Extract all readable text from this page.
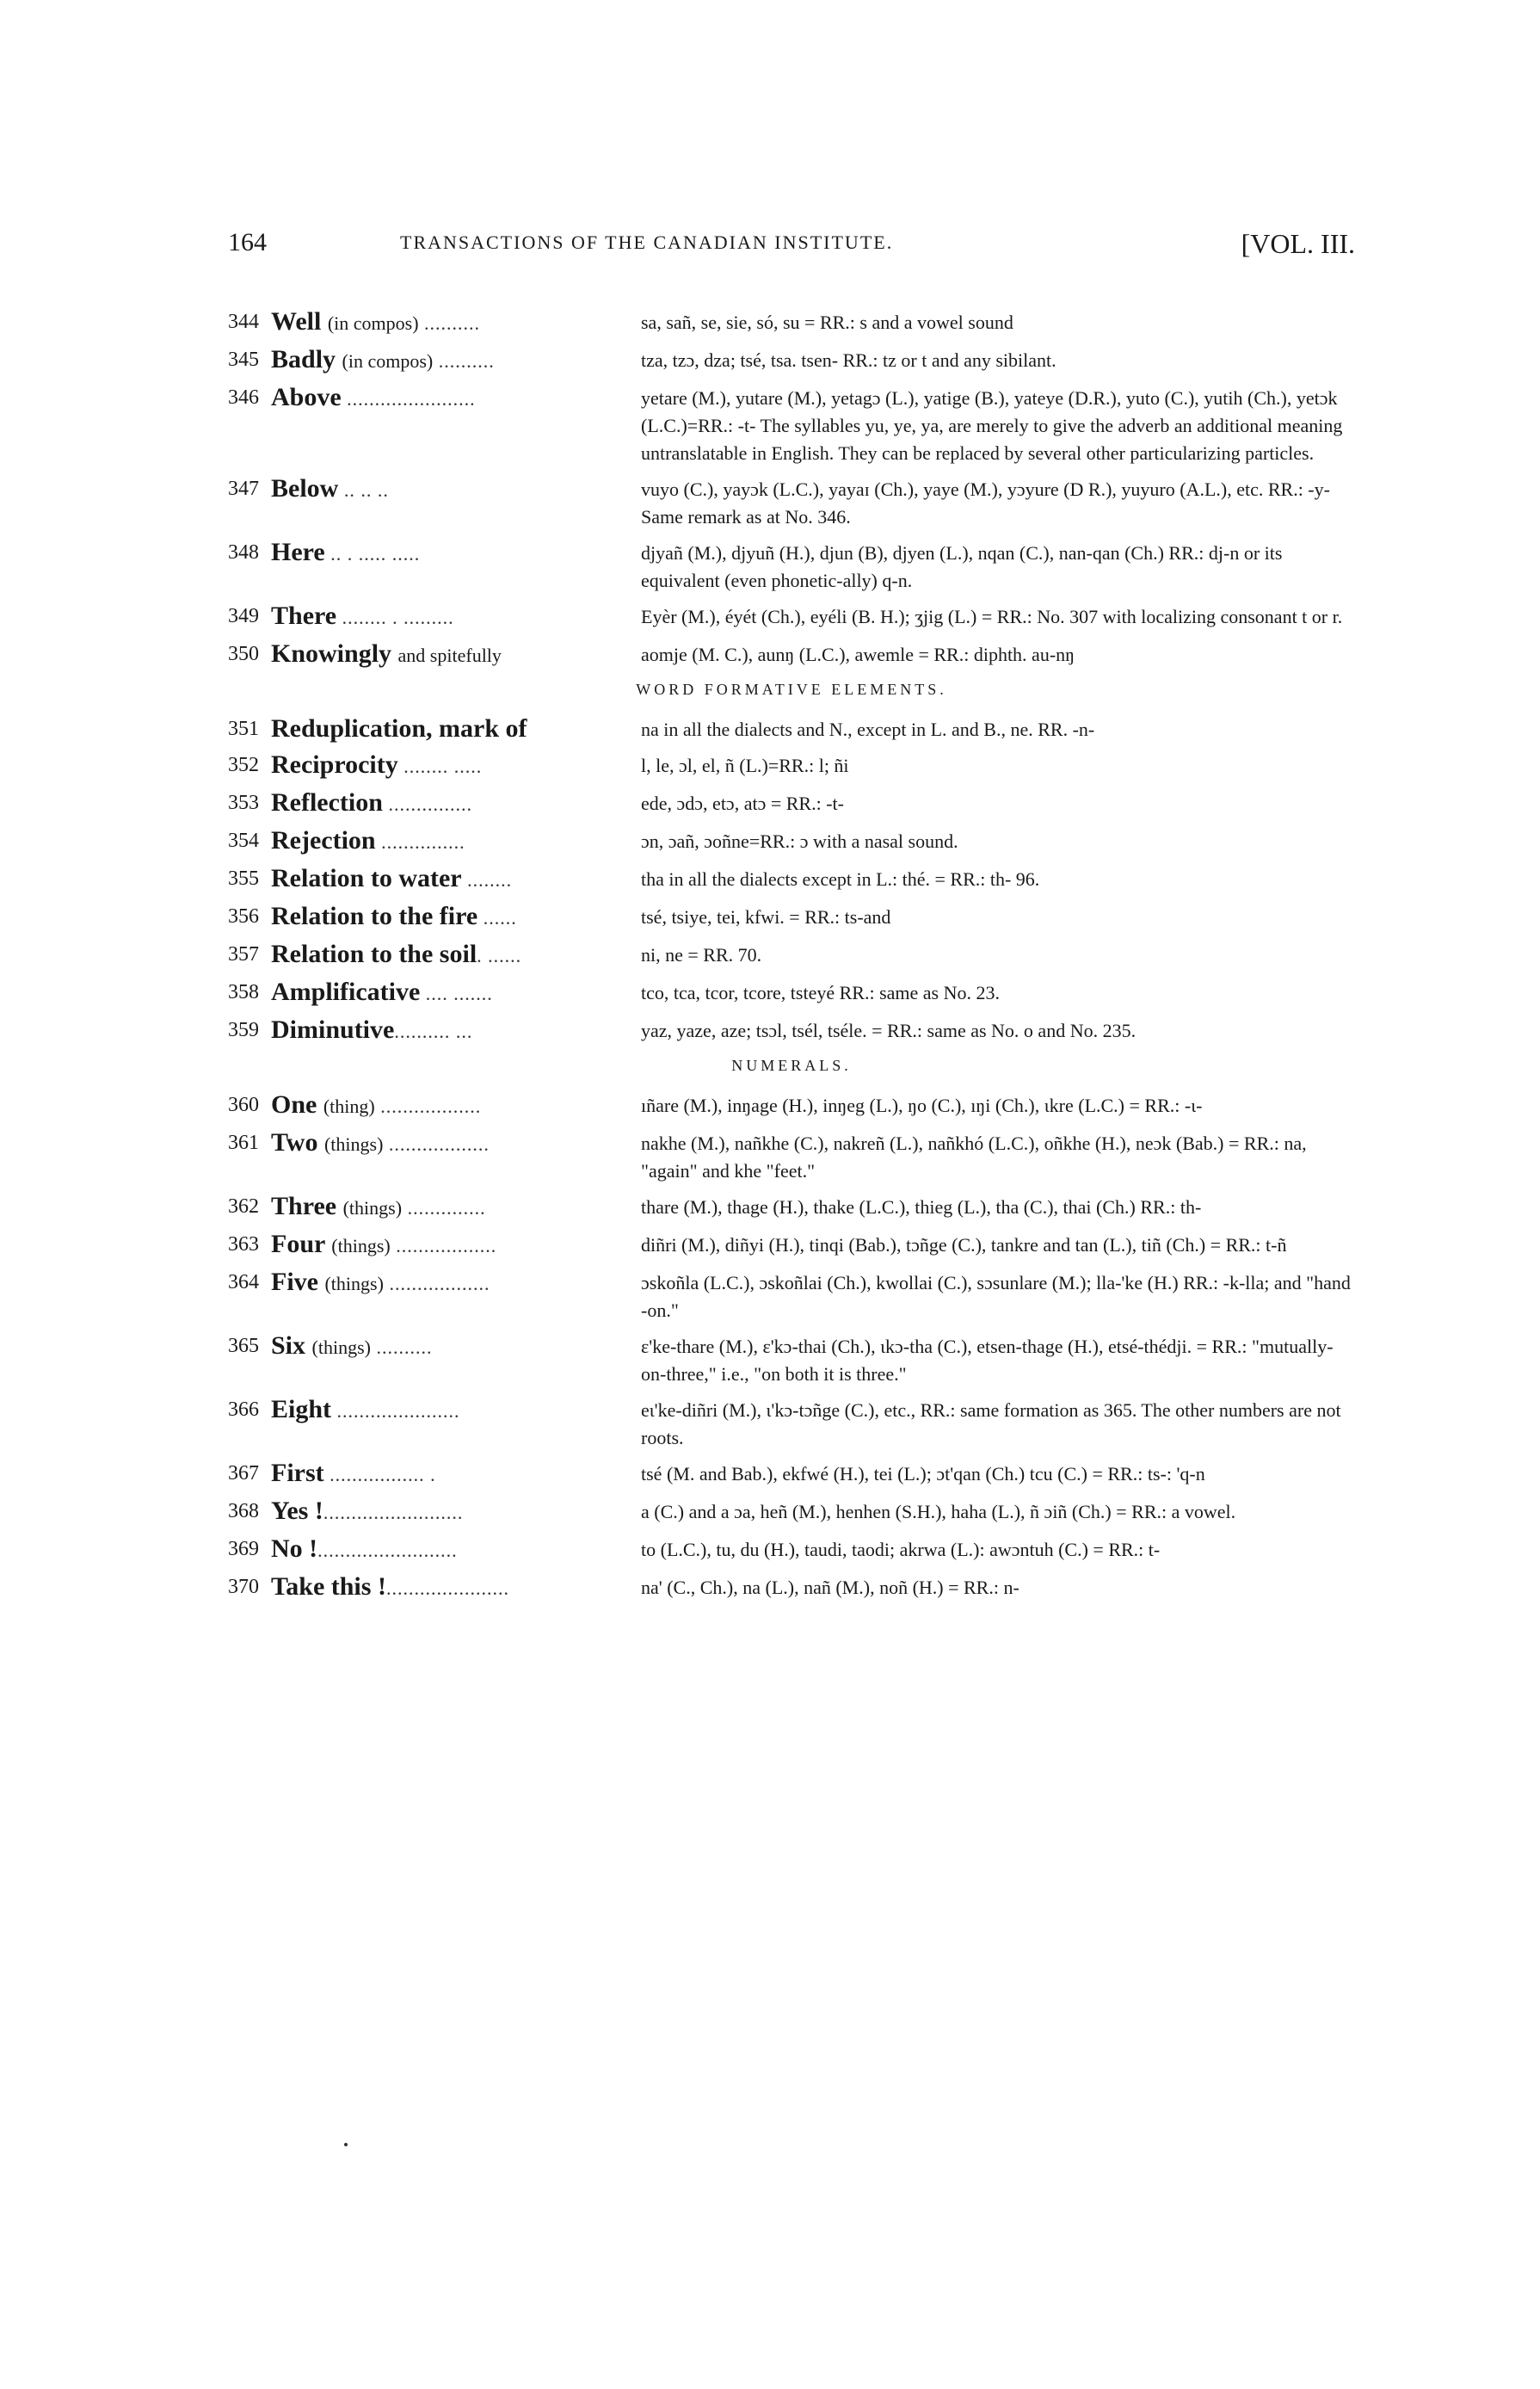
164	TRANSACTIONS OF THE CANADIAN INSTITUTE.	[VOL. III.
344 Well (in compos) ..........	sa, sañ, se, sie, só, su = RR.: s and a vowel sound
345 Badly (in compos) ..........	tza, tzɔ, dza; tsé, tsa. tsen- RR.: tz or t and any sibilant.
346 Above .......................	yetare (M.), yutare (M.), yetagɔ (L.), yatige (B.), yateye (D.R.), yuto (C.), yutih (Ch.), yetɔk (L.C.)=RR.: -t- The syllables yu, ye, ya, are merely to give the adverb an additional meaning untranslatable in English. They can be replaced by several other particularizing particles.
347 Below .. .. ..	vuyo (C.), yayɔk (L.C.), yayaɪ (Ch.), yaye (M.), yɔyure (D R.), yuyuro (A.L.), etc. RR.: -y- Same remark as at No. 346.
348 Here .. . ..... .....	djyañ (M.), djyuñ (H.), djun (B), djyen (L.), nqan (C.), nan-qan (Ch.) RR.: dj-n or its equivalent (even phonetic-ally) q-n.
349 There ........ . .........	Eyèr (M.), éyét (Ch.), eyéli (B. H.); ʒjig (L.) = RR.: No. 307 with localizing consonant t or r.
350 Knowingly and spitefully	aomje (M. C.), aunŋ (L.C.), awemle = RR.: diphth. au-nŋ
WORD FORMATIVE ELEMENTS.
351 Reduplication, mark of	na in all the dialects and N., except in L. and B., ne. RR. -n-
352 Reciprocity ........ .....	l, le, ɔl, el, ñ (L.)=RR.: l; ñi
353 Reflection ...............	ede, ɔdɔ, etɔ, atɔ = RR.: -t-
354 Rejection ...............	ɔn, ɔañ, ɔoñne=RR.: ɔ with a nasal sound.
355 Relation to water ........	tha in all the dialects except in L.: thé. = RR.: th- 96.
356 Relation to the fire ......	tsé, tsiye, tei, kfwi. = RR.: ts-and
357 Relation to the soil. ......	ni, ne = RR. 70.
358 Amplificative .... .......	tco, tca, tcor, tcore, tsteyé RR.: same as No. 23.
359 Diminutive.......... ...	yaz, yaze, aze; tsɔl, tsél, tséle. = RR.: same as No. o and No. 235.
NUMERALS.
360 One (thing) ..................	ıñare (M.), inŋage (H.), inŋeg (L.), ŋo (C.), ıŋi (Ch.), ɩkre (L.C.) = RR.: -ɩ-
361 Two (things) ..................	nakhe (M.), nañkhe (C.), nakreñ (L.), nañkhó (L.C.), oñkhe (H.), neɔk (Bab.) = RR.: na, "again" and khe "feet."
362 Three (things) ..............	thare (M.), thage (H.), thake (L.C.), thieg (L.), tha (C.), thai (Ch.) RR.: th-
363 Four (things) ..................	diñri (M.), diñyi (H.), tinqi (Bab.), tɔñge (C.), tankre and tan (L.), tiñ (Ch.) = RR.: t-ñ
364 Five (things) ..................	ɔskoñla (L.C.), ɔskoñlai (Ch.), kwollai (C.), sɔsunlare (M.); lla-'ke (H.) RR.: -k-lla; and "hand -on."
365 Six (things) ..........	ɛ'ke-thare (M.), ɛ'kɔ-thai (Ch.), ɩkɔ-tha (C.), etsen-thage (H.), etsé-thédji. = RR.: "mutually-on-three," i.e., "on both it is three."
366 Eight ......................	eɩ'ke-diñri (M.), ɩ'kɔ-tɔñge (C.), etc., RR.: same formation as 365. The other numbers are not roots.
367 First ................. .	tsé (M. and Bab.), ekfwé (H.), tei (L.); ɔt'qan (Ch.) tcu (C.) = RR.: ts-: 'q-n
368 Yes !.........................	a (C.) and a ɔa, heñ (M.), henhen (S.H.), haha (L.), ñ ɔiñ (Ch.) = RR.: a vowel.
369 No !.........................	to (L.C.), tu, du (H.), taudi, taodi; akrwa (L.): awɔntuh (C.) = RR.: t-
370 Take this !......................	na' (C., Ch.), na (L.), nañ (M.), noñ (H.) = RR.: n-
